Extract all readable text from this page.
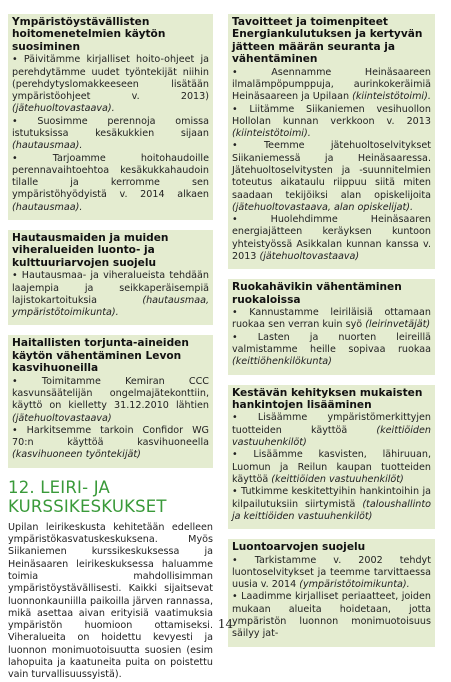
Ympäristöystävällisten hoitomenetelmien käytön suosiminen

• Päivitämme kirjalliset hoito-ohjeet ja perehdytämme uudet työntekijät niihin (perehdytyslomakkeeseen lisätään ympäristöohjeet v. 2013) (jätehuoltovastaava).

• Suosimme perennoja omissa istutuksissa kesäkukkien sijaan (hautausmaa).

• Tarjoamme hoitohaudoille perennavaihtoehtoa kesäkukkahaudoin tilalle ja kerromme sen ympäristöhyödyistä v. 2014 alkaen (hautausmaa).

Hautausmaiden ja muiden viheralueiden luonto- ja kulttuuriarvojen suojelu

• Hautausmaa- ja viheralueista tehdään laajempia ja seikkaperäisempiä lajistokartoituksia	(hautausmaa, ympäristötoimikunta).

Haitallisten torjunta-aineiden käytön vähentäminen Levon kasvihuoneilla

• Toimitamme Kemiran CCC kasvunsäätelijän ongelmajätekonttiin, käyttö on kielletty 31.12.2010 lähtien (jätehuoltovastaava)

• Harkitsemme tarkoin Confidor WG 70:n käyttöä kasvihuoneella (kasvihuoneen työntekijät)

12. LEIRI- JA KURSSIKESKUKSET

Upilan leirikeskusta kehitetään edelleen ympäristökasvatuskeskuksena. Myös Siikaniemen kurssikeskuksessa ja Heinäsaaren leirikeskuksessa haluamme toimia mahdollisimman ympäristöystävällisesti. Kaikki sijaitsevat luonnonkauniilla paikoilla järven rannassa, mikä asettaa aivan erityisiä vaatimuksia ympäristön huomioon ottamiseksi. Viheralueita on hoidettu kevyesti ja luonnon monimuotoisuutta suosien (esim lahopuita ja kaatuneita puita on poistettu vain turvallisuussyistä).

Tavoitteet ja toimenpiteet Energiankulutuksen ja kertyvän jätteen määrän seuranta ja vähentäminen

• Asennamme Heinäsaareen ilmalämpöpumppuja, aurinkokeräimiä Heinäsaareen ja Upilaan (kiinteistötoimi).

• Liitämme Siikaniemen vesihuollon Hollolan kunnan verkkoon v. 2013 (kiinteistötoimi).

• Teemme jätehuoltoselvitykset Siikaniemessä ja Heinäsaaressa. Jätehuoltoselvitysten ja -suunnitelmien toteutus aikataulu riippuu siitä miten saadaan tekijöiksi alan opiskelijoita (jätehuoltovastaava, alan opiskelijat).

• Huolehdimme Heinäsaaren energiajätteen keräyksen kuntoon yhteistyössä Asikkalan kunnan kanssa v. 2013 (jätehuoltovastaava)

Ruokahävikin vähentäminen ruokaloissa

• Kannustamme leiriläisiä ottamaan ruokaa sen verran kuin syö (leirinvetäjät)

• Lasten ja nuorten leireillä valmistamme heille sopivaa ruokaa (keittiöhenkilökunta)

Kestävän kehityksen mukaisten hankintojen lisääminen

• Lisäämme ympäristömerkittyjen tuotteiden käyttöä	(keittiöiden vastuuhenkilöt)

• Lisäämme kasvisten, lähiruuan, Luomun ja Reilun kaupan tuotteiden käyttöä (keittiöiden vastuuhenkilöt)

• Tutkimme keskitettyihin hankintoihin ja kilpailutuksiin siirtymistä (taloushallinto ja keittiöiden vastuuhenkilöt)

Luontoarvojen suojelu

• Tarkistamme v. 2002 tehdyt luontoselvitykset ja teemme tarvittaessa uusia v. 2014 (ympäristötoimikunta).

• Laadimme kirjalliset periaatteet, joiden mukaan alueita hoidetaan, jotta ympäristön luonnon monimuotoisuus säilyy jat-

14
